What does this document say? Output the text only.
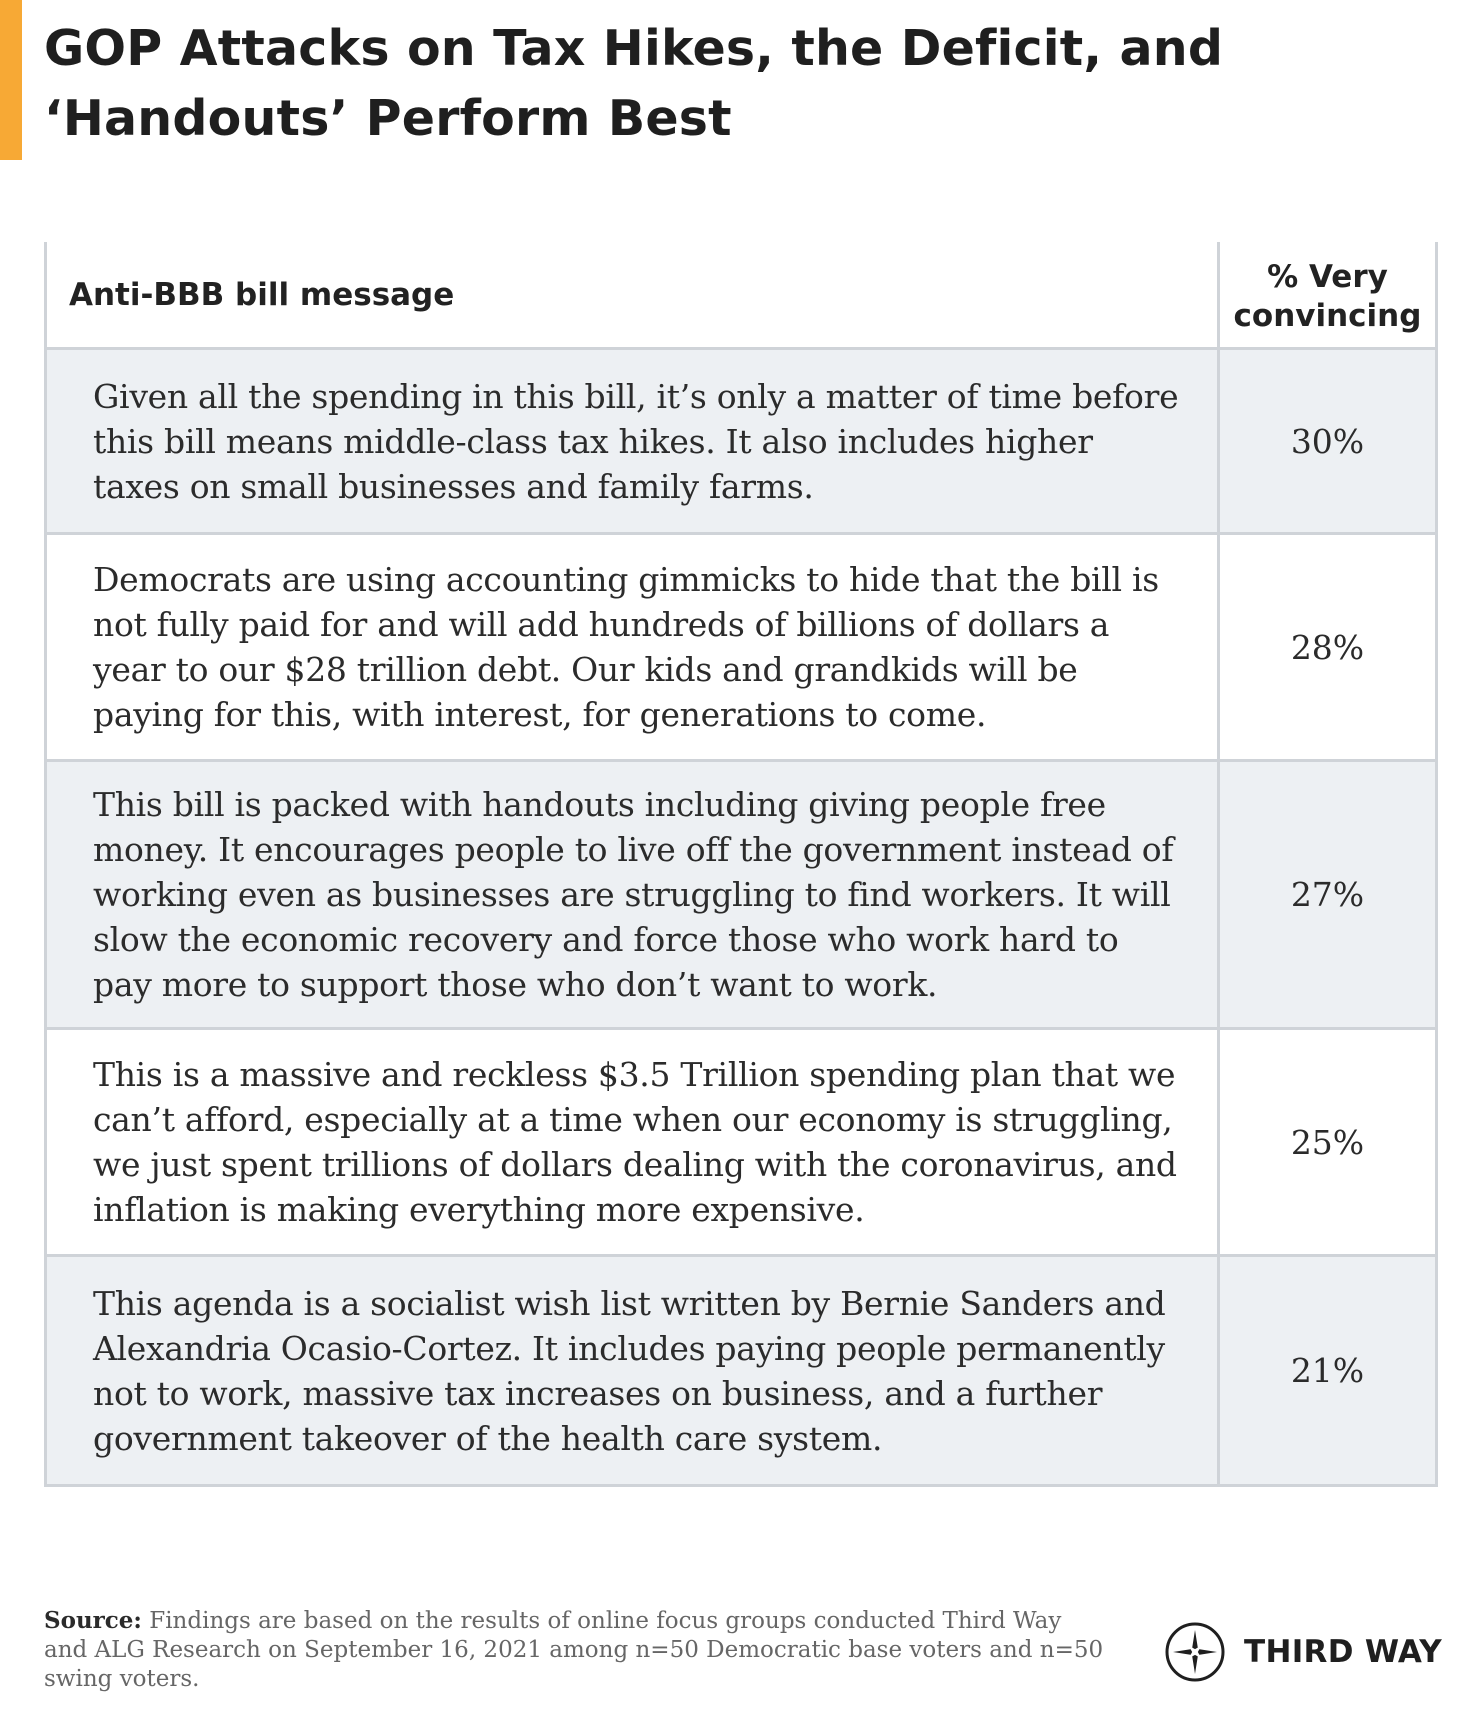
GOP Attacks on Tax Hikes, the Deficit, and ‘Handouts’ Perform Best
Anti-BBB bill message	% Very convincing
Given all the spending in this bill, it’s only a matter of time before this bill means middle-class tax hikes. It also includes higher taxes on small businesses and family farms.
30%
Democrats are using accounting gimmicks to hide that the bill is not fully paid for and will add hundreds of billions of dollars a year to our $28 trillion debt. Our kids and grandkids will be paying for this, with interest, for generations to come.
28%
This bill is packed with handouts including giving people free money. It encourages people to live off the government instead of working even as businesses are struggling to find workers. It will slow the economic recovery and force those who work hard to pay more to support those who don’t want to work.
27%
This is a massive and reckless $3.5 Trillion spending plan that we can’t afford, especially at a time when our economy is struggling, we just spent trillions of dollars dealing with the coronavirus, and inflation is making everything more expensive.
25%
This agenda is a socialist wish list written by Bernie Sanders and Alexandria Ocasio-Cortez. It includes paying people permanently not to work, massive tax increases on business, and a further government takeover of the health care system.
21%
Source: Findings are based on the results of online focus groups conducted Third Way and ALG Research on September 16, 2021 among n=50 Democratic base voters and n=50 swing voters.
THIRD WAY
